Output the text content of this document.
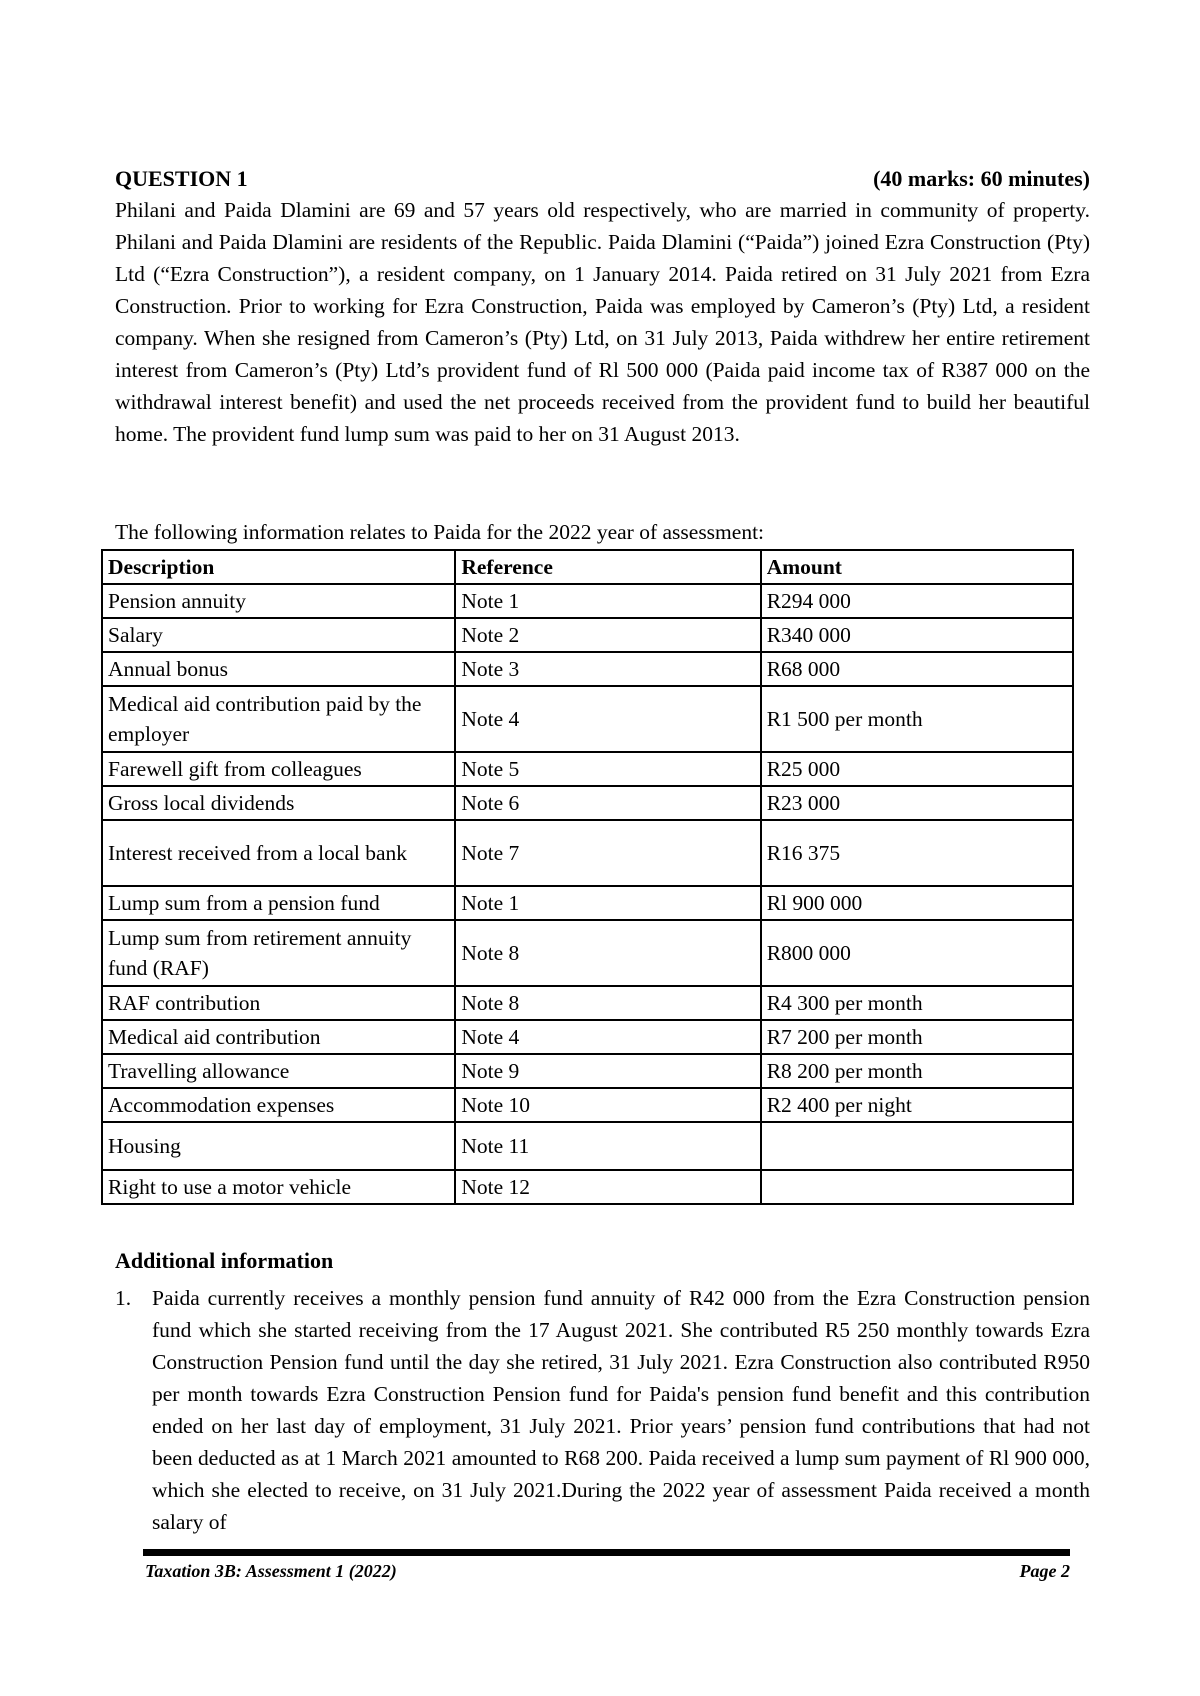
QUESTION 1	(40 marks: 60 minutes)
Philani and Paida Dlamini are 69 and 57 years old respectively, who are married in community of property. Philani and Paida Dlamini are residents of the Republic. Paida Dlamini (“Paida”) joined Ezra Construction (Pty) Ltd (“Ezra Construction”), a resident company, on 1 January 2014. Paida retired on 31 July 2021 from Ezra Construction. Prior to working for Ezra Construction, Paida was employed by Cameron’s (Pty) Ltd, a resident company. When she resigned from Cameron’s (Pty) Ltd, on 31 July 2013, Paida withdrew her entire retirement interest from Cameron’s (Pty) Ltd’s provident fund of Rl 500 000 (Paida paid income tax of R387 000 on the withdrawal interest benefit) and used the net proceeds received from the provident fund to build her beautiful home. The provident fund lump sum was paid to her on 31 August 2013.
The following information relates to Paida for the 2022 year of assessment:
Description	Reference	Amount
Pension annuity	Note 1	R294 000
Salary	Note 2	R340 000
Annual bonus	Note 3	R68 000
Medical aid contribution paid by the employer	Note 4	R1 500 per month
Farewell gift from colleagues	Note 5	R25 000
Gross local dividends	Note 6	R23 000
Interest received from a local bank	Note 7	R16 375
Lump sum from a pension fund	Note 1	Rl 900 000
Lump sum from retirement annuity fund (RAF)	Note 8	R800 000
RAF contribution	Note 8	R4 300 per month
Medical aid contribution	Note 4	R7 200 per month
Travelling allowance	Note 9	R8 200 per month
Accommodation expenses	Note 10	R2 400 per night
Housing	Note 11	
Right to use a motor vehicle	Note 12	
Additional information
1. Paida currently receives a monthly pension fund annuity of R42 000 from the Ezra Construction pension fund which she started receiving from the 17 August 2021. She contributed R5 250 monthly towards Ezra Construction Pension fund until the day she retired, 31 July 2021. Ezra Construction also contributed R950 per month towards Ezra Construction Pension fund for Paida's pension fund benefit and this contribution ended on her last day of employment, 31 July 2021. Prior years’ pension fund contributions that had not been deducted as at 1 March 2021 amounted to R68 200. Paida received a lump sum payment of Rl 900 000, which she elected to receive, on 31 July 2021.During the 2022 year of assessment Paida received a month salary of
Taxation 3B: Assessment 1 (2022)	Page 2
